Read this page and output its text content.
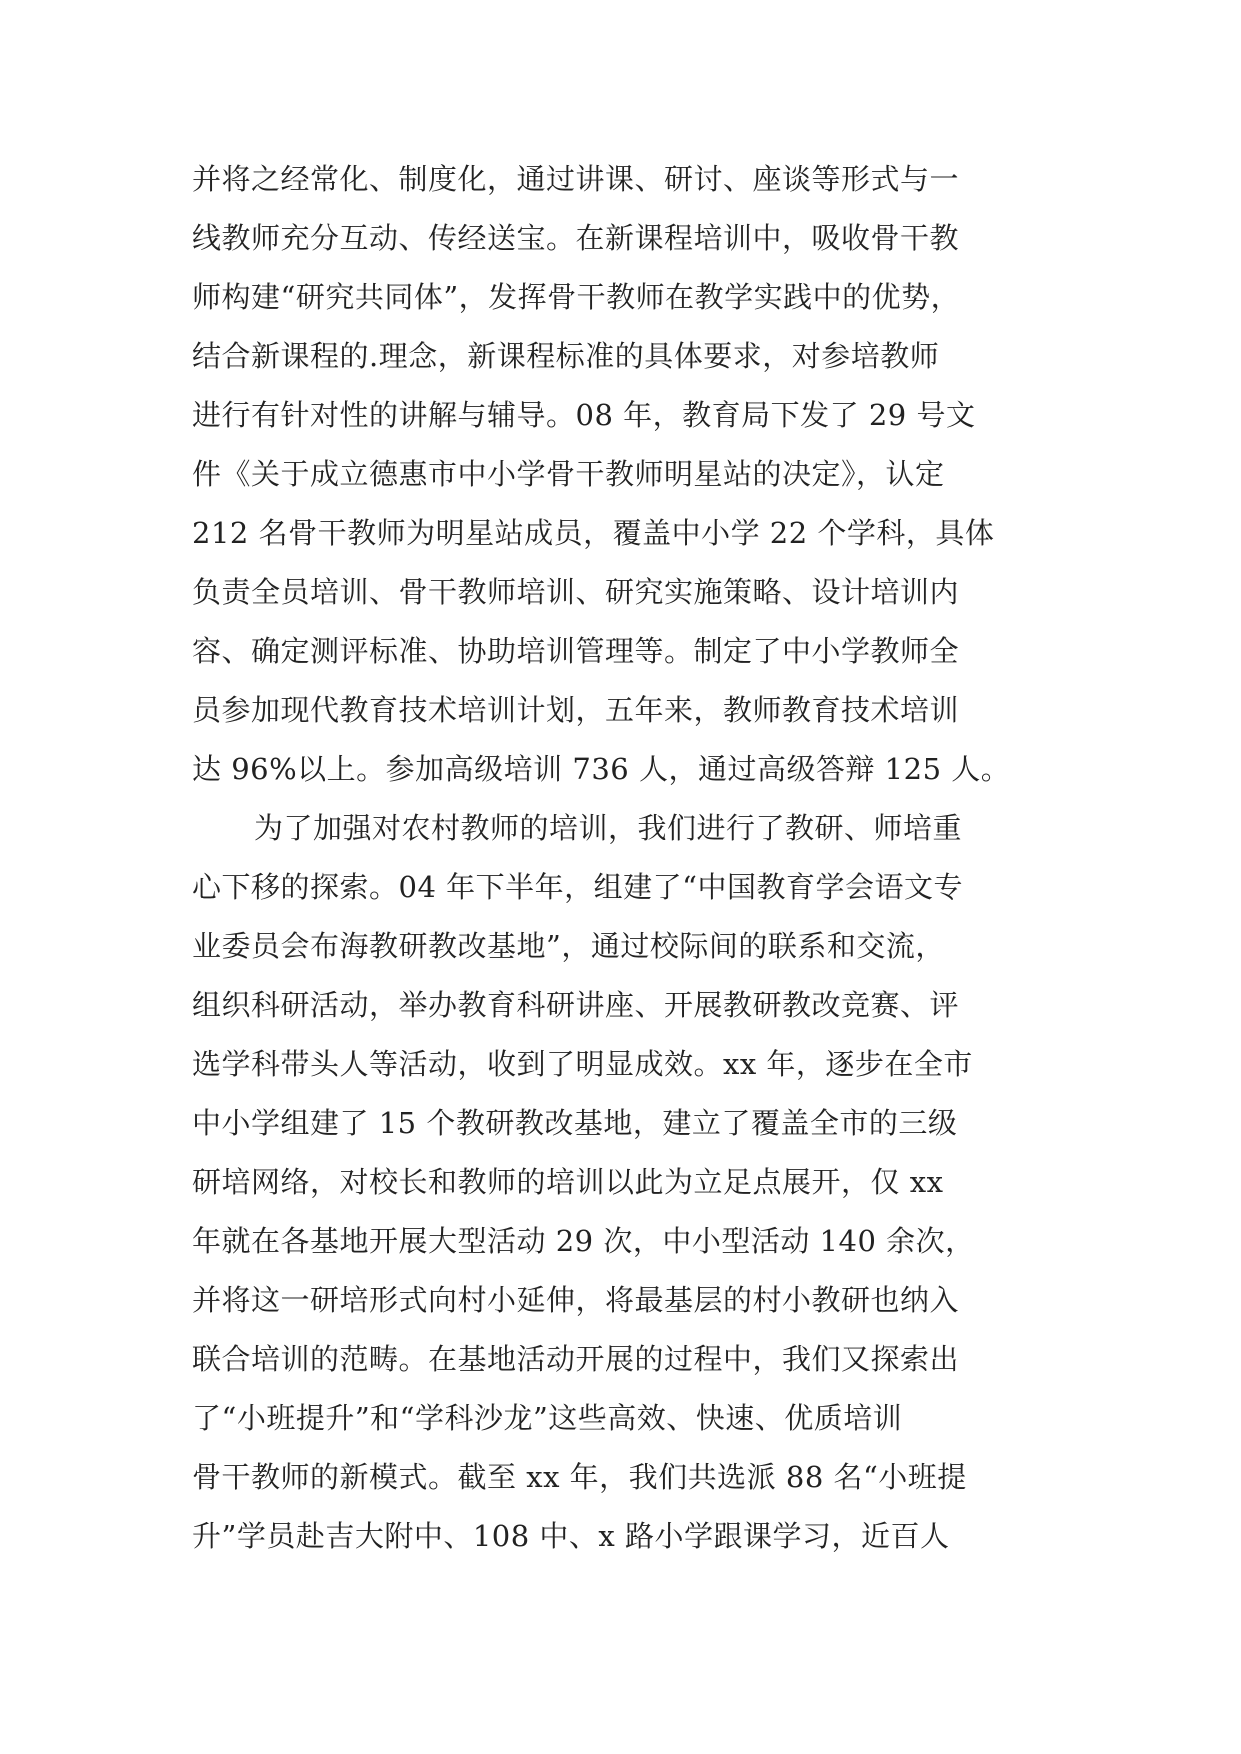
并将之经常化、制度化，通过讲课、研讨、座谈等形式与一
线教师充分互动、传经送宝。在新课程培训中，吸收骨干教
师构建“研究共同体”，发挥骨干教师在教学实践中的优势，
结合新课程的.理念，新课程标准的具体要求，对参培教师
进行有针对性的讲解与辅导。08 年，教育局下发了 29 号文
件《关于成立德惠市中小学骨干教师明星站的决定》，认定
212 名骨干教师为明星站成员，覆盖中小学 22 个学科，具体
负责全员培训、骨干教师培训、研究实施策略、设计培训内
容、确定测评标准、协助培训管理等。制定了中小学教师全
员参加现代教育技术培训计划，五年来，教师教育技术培训
达 96%以上。参加高级培训 736 人，通过高级答辩 125 人。
为了加强对农村教师的培训，我们进行了教研、师培重
心下移的探索。04 年下半年，组建了“中国教育学会语文专
业委员会布海教研教改基地”，通过校际间的联系和交流，
组织科研活动，举办教育科研讲座、开展教研教改竞赛、评
选学科带头人等活动，收到了明显成效。xx 年，逐步在全市
中小学组建了 15 个教研教改基地，建立了覆盖全市的三级
研培网络，对校长和教师的培训以此为立足点展开，仅 xx
年就在各基地开展大型活动 29 次，中小型活动 140 余次，
并将这一研培形式向村小延伸，将最基层的村小教研也纳入
联合培训的范畴。在基地活动开展的过程中，我们又探索出
了“小班提升”和“学科沙龙”这些高效、快速、优质培训
骨干教师的新模式。截至 xx 年，我们共选派 88 名“小班提
升”学员赴吉大附中、108 中、x 路小学跟课学习，近百人
